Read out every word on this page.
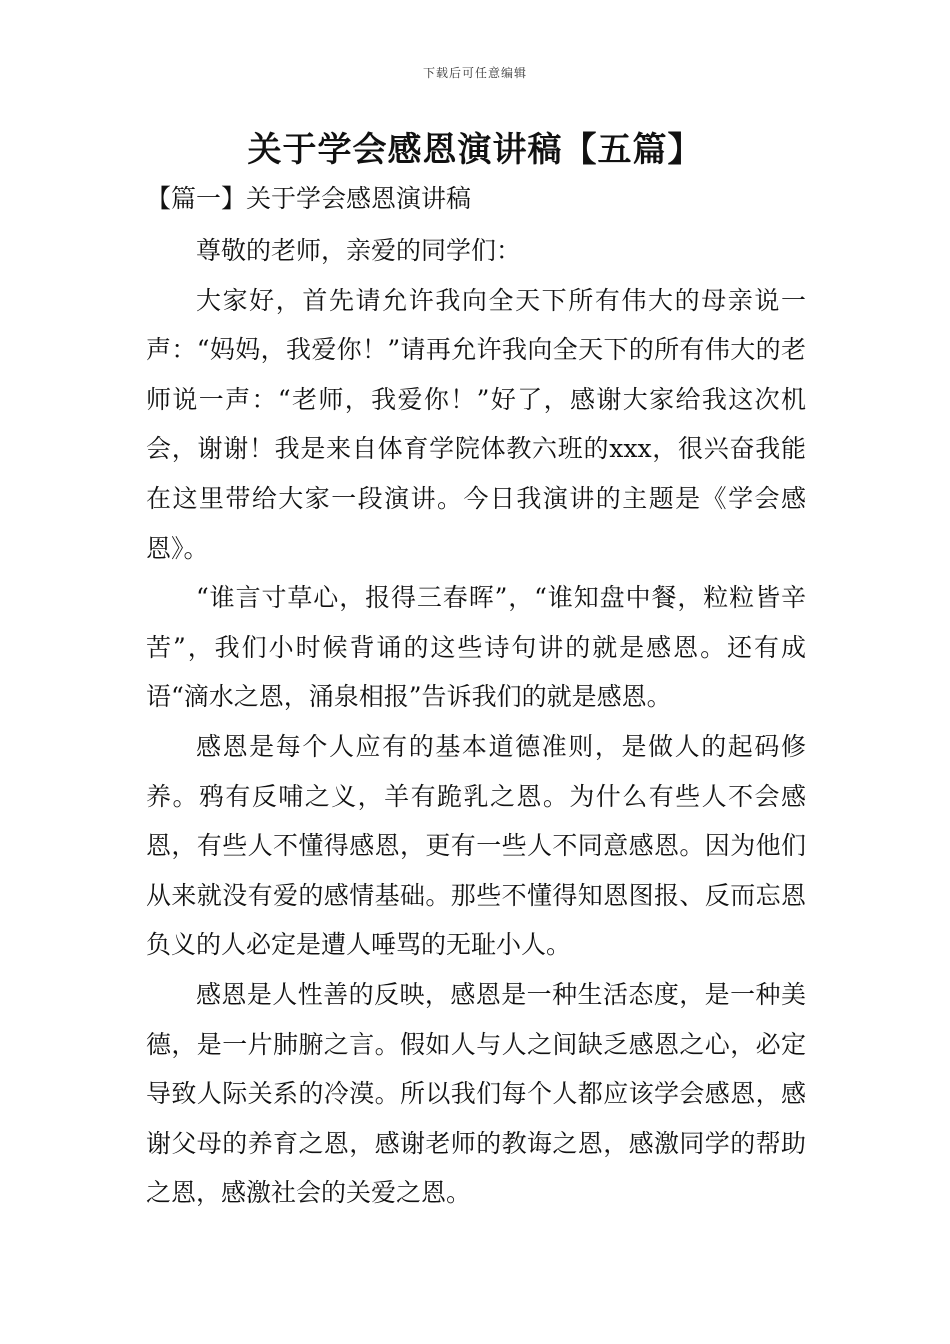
下载后可任意编辑
关于学会感恩演讲稿【五篇】
【篇一】关于学会感恩演讲稿

尊敬的老师，亲爱的同学们：

大家好，首先请允许我向全天下所有伟大的母亲说一声：“妈妈，我爱你！”请再允许我向全天下的所有伟大的老师说一声：“老师，我爱你！”好了，感谢大家给我这次机会，谢谢！我是来自体育学院体教六班的xxx，很兴奋我能在这里带给大家一段演讲。今日我演讲的主题是《学会感恩》。

“谁言寸草心，报得三春晖”，“谁知盘中餐，粒粒皆辛苦”，我们小时候背诵的这些诗句讲的就是感恩。还有成语“滴水之恩，涌泉相报”告诉我们的就是感恩。

感恩是每个人应有的基本道德准则，是做人的起码修养。鸦有反哺之义，羊有跪乳之恩。为什么有些人不会感恩，有些人不懂得感恩，更有一些人不同意感恩。因为他们从来就没有爱的感情基础。那些不懂得知恩图报、反而忘恩负义的人必定是遭人唾骂的无耻小人。

感恩是人性善的反映，感恩是一种生活态度，是一种美德，是一片肺腑之言。假如人与人之间缺乏感恩之心，必定导致人际关系的冷漠。所以我们每个人都应该学会感恩，感谢父母的养育之恩，感谢老师的教诲之恩，感激同学的帮助之恩，感激社会的关爱之恩。
